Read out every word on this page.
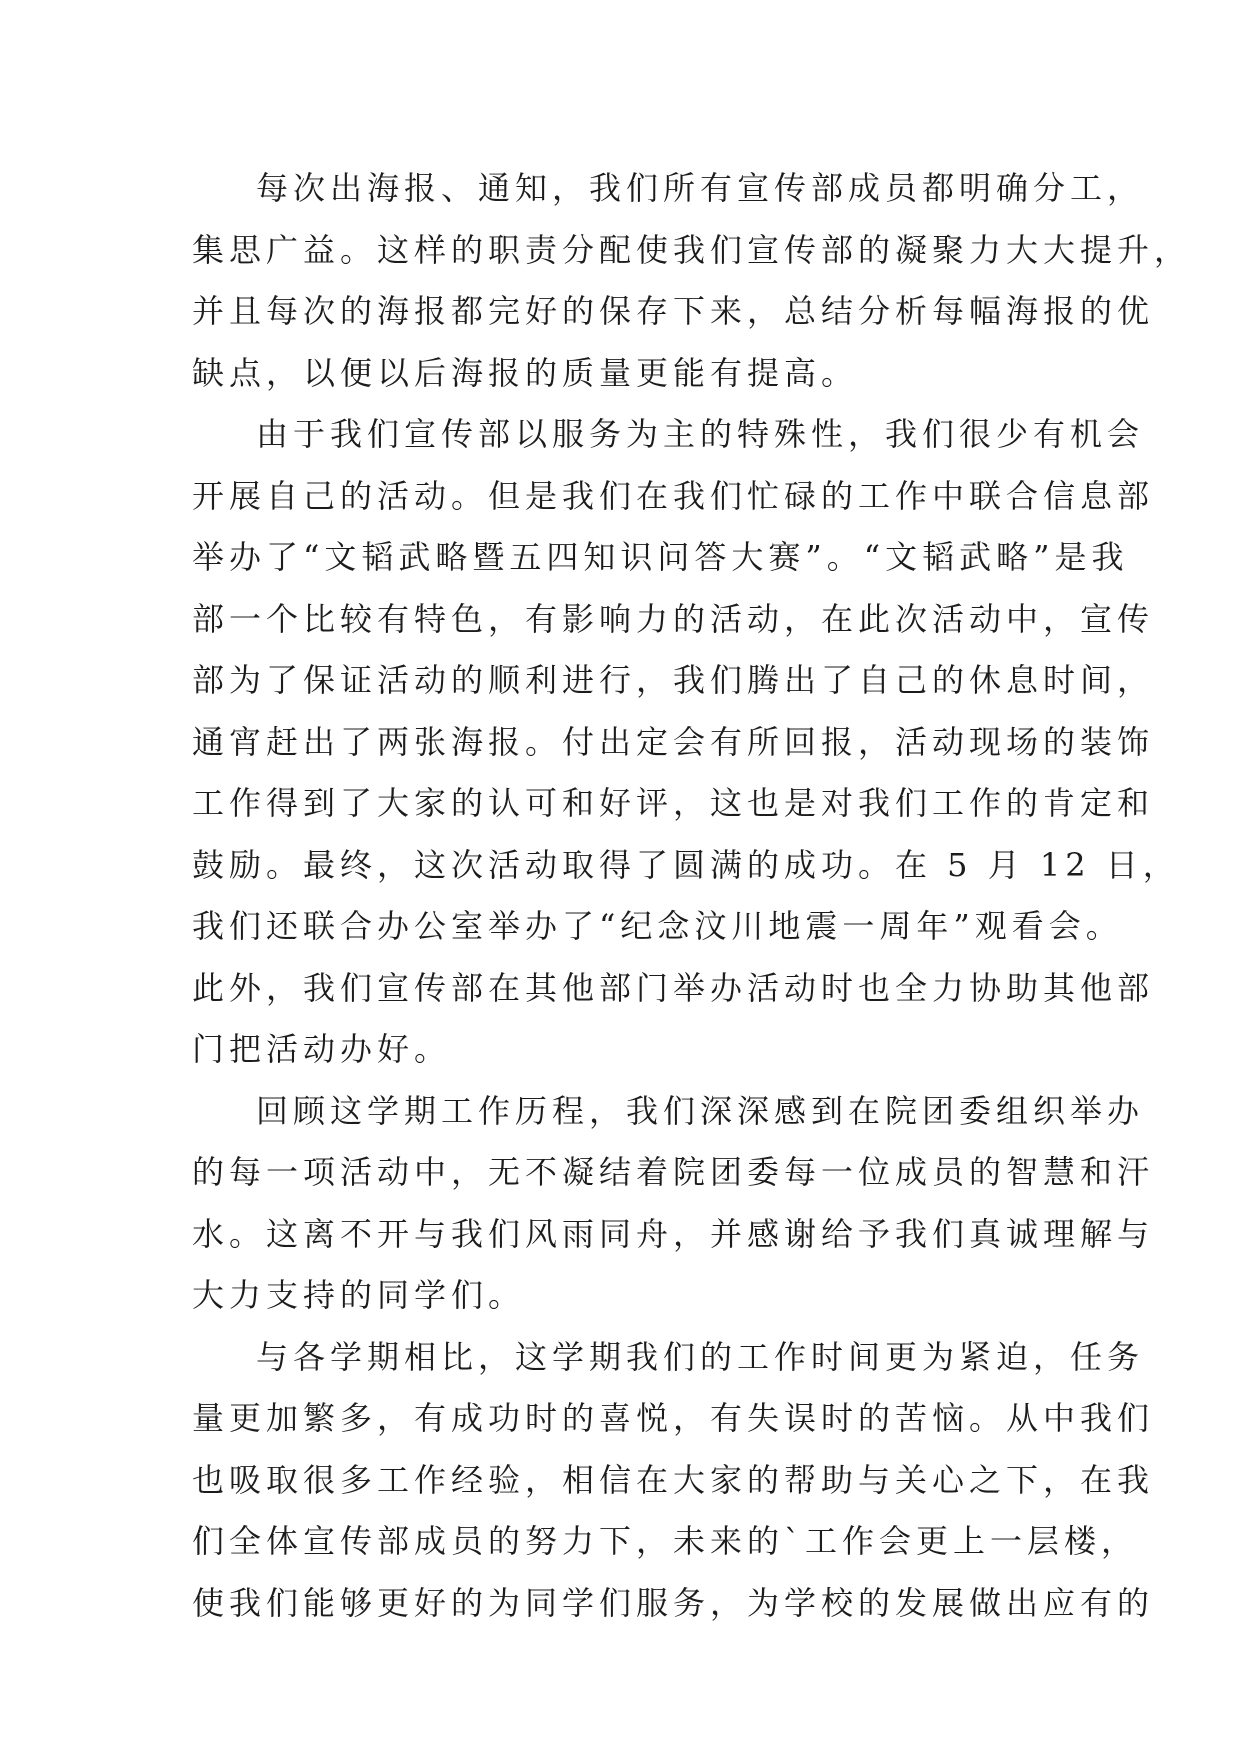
每次出海报、通知，我们所有宣传部成员都明确分工，
集思广益。这样的职责分配使我们宣传部的凝聚力大大提升，
并且每次的海报都完好的保存下来，总结分析每幅海报的优
缺点，以便以后海报的质量更能有提高。
由于我们宣传部以服务为主的特殊性，我们很少有机会
开展自己的活动。但是我们在我们忙碌的工作中联合信息部
举办了“文韬武略暨五四知识问答大赛”。“文韬武略”是我
部一个比较有特色，有影响力的活动，在此次活动中，宣传
部为了保证活动的顺利进行，我们腾出了自己的休息时间，
通宵赶出了两张海报。付出定会有所回报，活动现场的装饰
工作得到了大家的认可和好评，这也是对我们工作的肯定和
鼓励。最终，这次活动取得了圆满的成功。在 5 月 12 日，
我们还联合办公室举办了“纪念汶川地震一周年”观看会。
此外，我们宣传部在其他部门举办活动时也全力协助其他部
门把活动办好。
回顾这学期工作历程，我们深深感到在院团委组织举办
的每一项活动中，无不凝结着院团委每一位成员的智慧和汗
水。这离不开与我们风雨同舟，并感谢给予我们真诚理解与
大力支持的同学们。
与各学期相比，这学期我们的工作时间更为紧迫，任务
量更加繁多，有成功时的喜悦，有失误时的苦恼。从中我们
也吸取很多工作经验，相信在大家的帮助与关心之下，在我
们全体宣传部成员的努力下，未来的`工作会更上一层楼，
使我们能够更好的为同学们服务，为学校的发展做出应有的
